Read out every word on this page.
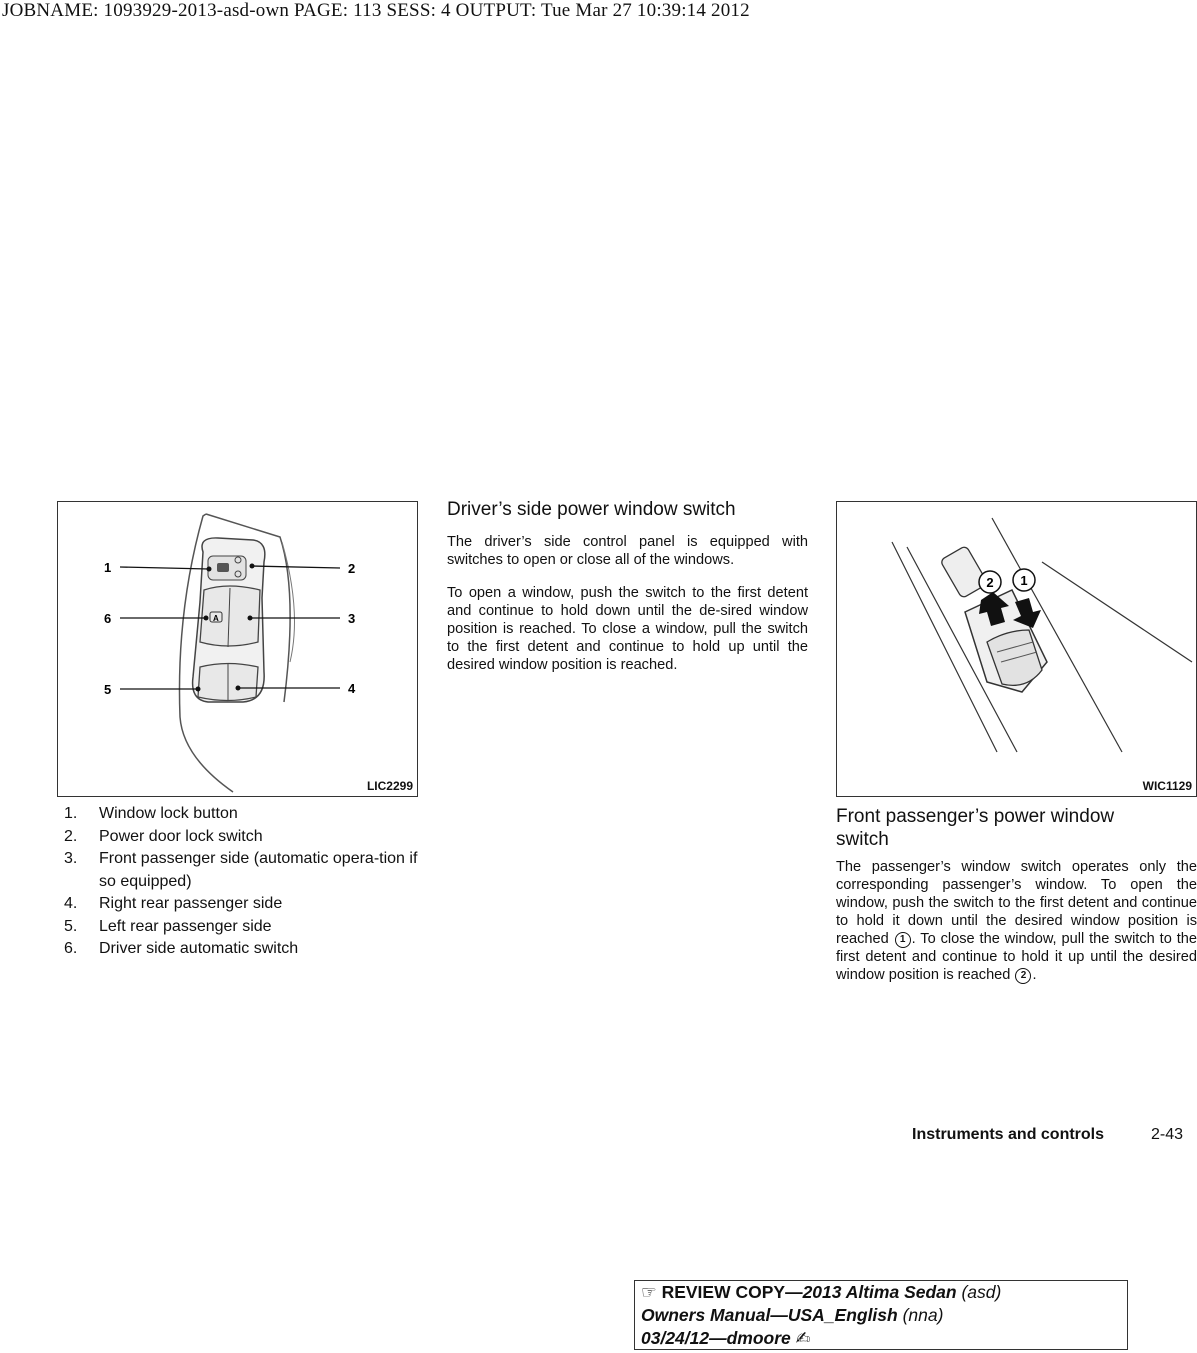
JOBNAME: 1093929-2013-asd-own PAGE: 113 SESS: 4 OUTPUT: Tue Mar 27 10:39:14 2012
A
1	2
6	3
5	4
LIC2299
1. Window lock button
2. Power door lock switch
3. Front passenger side (automatic opera-tion if so equipped)
4. Right rear passenger side
5. Left rear passenger side
6. Driver side automatic switch
Driver’s side power window switch

The driver’s side control panel is equipped with switches to open or close all of the windows.

To open a window, push the switch to the first detent and continue to hold down until the de-sired window position is reached. To close a window, pull the switch to the first detent and continue to hold up until the desired window position is reached.

2 1
WIC1129
Front passenger’s power window switch

The passenger’s window switch operates only the corresponding passenger’s window. To open the window, push the switch to the first detent and continue to hold it down until the desired window position is reached 1 . To close the window, pull the switch to the first detent and continue to hold it up until the desired window position is reached 2 .

Instruments and controls	2-43
☞ REVIEW COPY—2013 Altima Sedan (asd)
Owners Manual—USA_English (nna)
03/24/12—dmoore ✍
